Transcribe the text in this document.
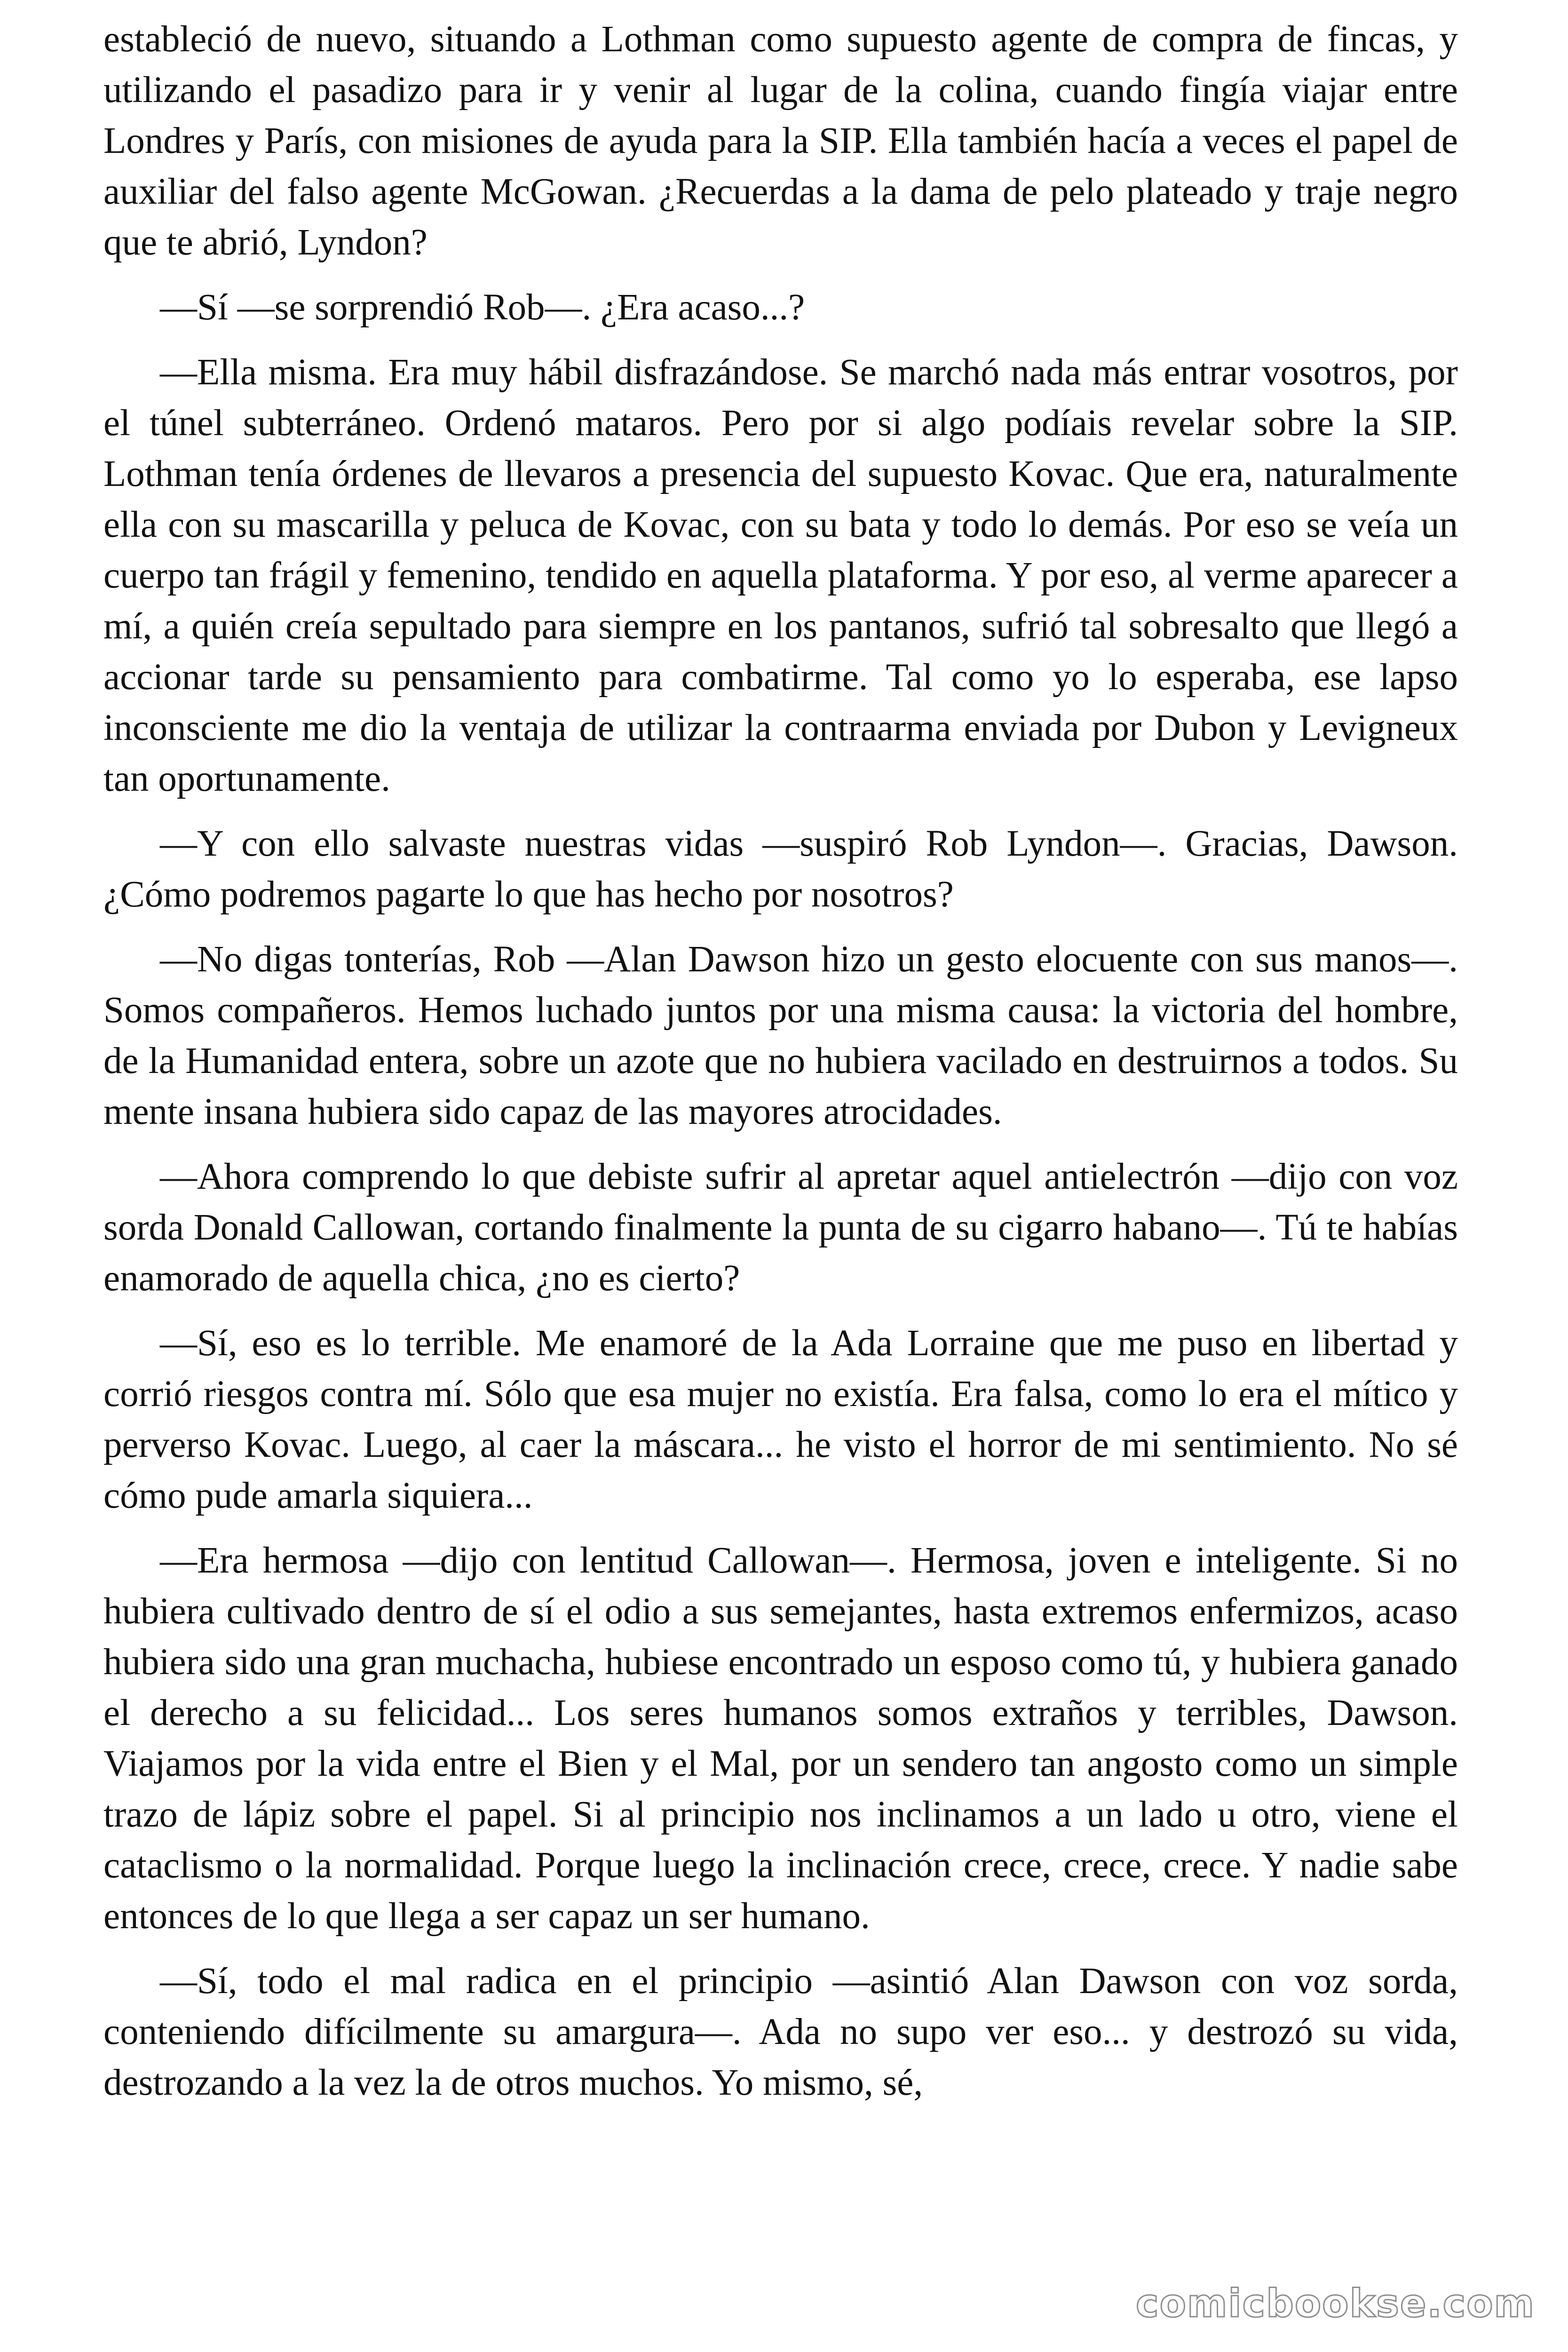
estableció de nuevo, situando a Lothman como supuesto agente de compra de fincas, y utilizando el pasadizo para ir y venir al lugar de la colina, cuando fingía viajar entre Londres y París, con misiones de ayuda para la SIP. Ella también hacía a veces el papel de auxiliar del falso agente McGowan. ¿Recuerdas a la dama de pelo plateado y traje negro que te abrió, Lyndon?

—Sí —se sorprendió Rob—. ¿Era acaso...?

—Ella misma. Era muy hábil disfrazándose. Se marchó nada más entrar vosotros, por el túnel subterráneo. Ordenó mataros. Pero por si algo podíais revelar sobre la SIP. Lothman tenía órdenes de llevaros a presencia del supuesto Kovac. Que era, naturalmente ella con su mascarilla y peluca de Kovac, con su bata y todo lo demás. Por eso se veía un cuerpo tan frágil y femenino, tendido en aquella plataforma. Y por eso, al verme aparecer a mí, a quién creía sepultado para siempre en los pantanos, sufrió tal sobresalto que llegó a accionar tarde su pensamiento para combatirme. Tal como yo lo esperaba, ese lapso inconsciente me dio la ventaja de utilizar la contraarma enviada por Dubon y Levigneux tan oportunamente.

—Y con ello salvaste nuestras vidas —suspiró Rob Lyndon—. Gracias, Dawson. ¿Cómo podremos pagarte lo que has hecho por nosotros?

—No digas tonterías, Rob —Alan Dawson hizo un gesto elocuente con sus manos—. Somos compañeros. Hemos luchado juntos por una misma causa: la victoria del hombre, de la Humanidad entera, sobre un azote que no hubiera vacilado en destruirnos a todos. Su mente insana hubiera sido capaz de las mayores atrocidades.

—Ahora comprendo lo que debiste sufrir al apretar aquel antielectrón —dijo con voz sorda Donald Callowan, cortando finalmente la punta de su cigarro habano—. Tú te habías enamorado de aquella chica, ¿no es cierto?

—Sí, eso es lo terrible. Me enamoré de la Ada Lorraine que me puso en libertad y corrió riesgos contra mí. Sólo que esa mujer no existía. Era falsa, como lo era el mítico y perverso Kovac. Luego, al caer la máscara... he visto el horror de mi sentimiento. No sé cómo pude amarla siquiera...

—Era hermosa —dijo con lentitud Callowan—. Hermosa, joven e inteligente. Si no hubiera cultivado dentro de sí el odio a sus semejantes, hasta extremos enfermizos, acaso hubiera sido una gran muchacha, hubiese encontrado un esposo como tú, y hubiera ganado el derecho a su felicidad... Los seres humanos somos extraños y terribles, Dawson. Viajamos por la vida entre el Bien y el Mal, por un sendero tan angosto como un simple trazo de lápiz sobre el papel. Si al principio nos inclinamos a un lado u otro, viene el cataclismo o la normalidad. Porque luego la inclinación crece, crece, crece. Y nadie sabe entonces de lo que llega a ser capaz un ser humano.

—Sí, todo el mal radica en el principio —asintió Alan Dawson con voz sorda, conteniendo difícilmente su amargura—. Ada no supo ver eso... y destrozó su vida, destrozando a la vez la de otros muchos. Yo mismo, sé,

comicbookse.com
